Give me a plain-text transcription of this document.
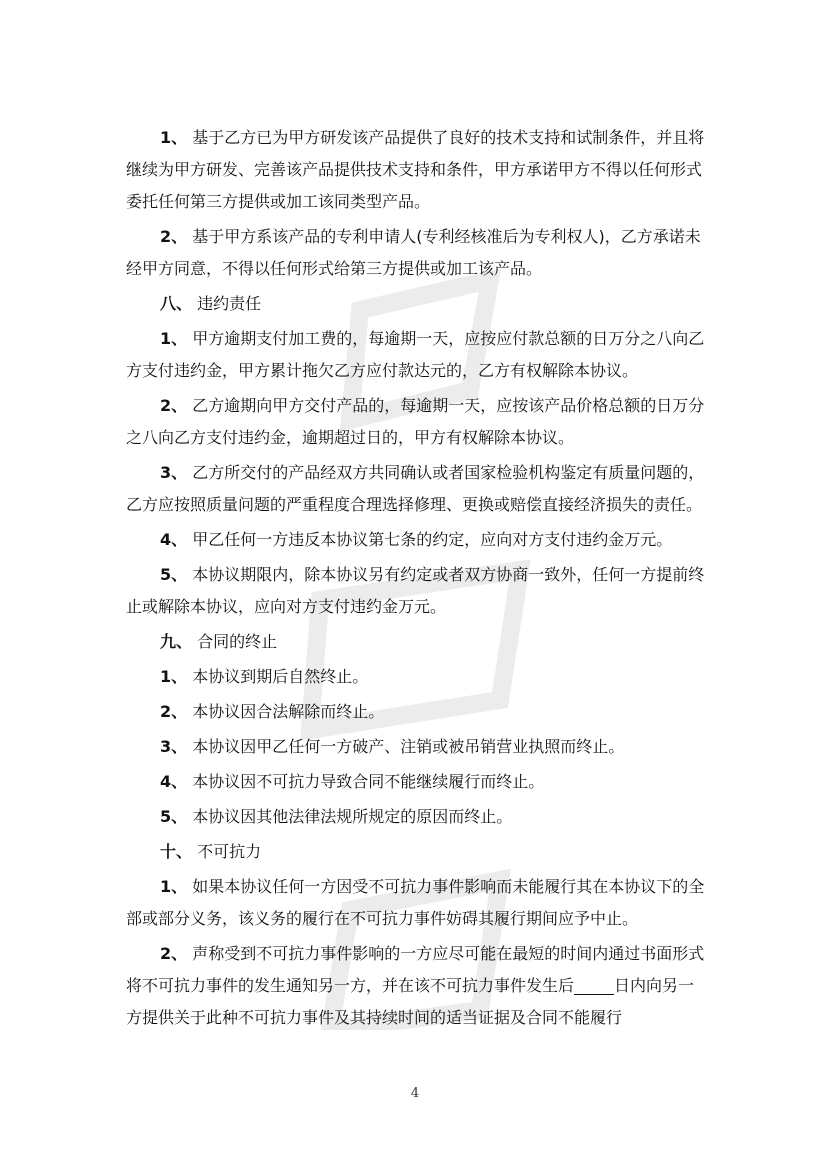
1、 基于乙方已为甲方研发该产品提供了良好的技术支持和试制条件，并且将继续为甲方研发、完善该产品提供技术支持和条件，甲方承诺甲方不得以任何形式委托任何第三方提供或加工该同类型产品。

2、 基于甲方系该产品的专利申请人(专利经核准后为专利权人)，乙方承诺未经甲方同意，不得以任何形式给第三方提供或加工该产品。

八、 违约责任

1、 甲方逾期支付加工费的，每逾期一天，应按应付款总额的日万分之八向乙方支付违约金，甲方累计拖欠乙方应付款达元的，乙方有权解除本协议。

2、 乙方逾期向甲方交付产品的，每逾期一天，应按该产品价格总额的日万分之八向乙方支付违约金，逾期超过日的，甲方有权解除本协议。

3、 乙方所交付的产品经双方共同确认或者国家检验机构鉴定有质量问题的，乙方应按照质量问题的严重程度合理选择修理、更换或赔偿直接经济损失的责任。

4、 甲乙任何一方违反本协议第七条的约定，应向对方支付违约金万元。

5、 本协议期限内，除本协议另有约定或者双方协商一致外，任何一方提前终止或解除本协议，应向对方支付违约金万元。

九、 合同的终止

1、 本协议到期后自然终止。

2、 本协议因合法解除而终止。

3、 本协议因甲乙任何一方破产、注销或被吊销营业执照而终止。

4、 本协议因不可抗力导致合同不能继续履行而终止。

5、 本协议因其他法律法规所规定的原因而终止。

十、 不可抗力

1、 如果本协议任何一方因受不可抗力事件影响而未能履行其在本协议下的全部或部分义务，该义务的履行在不可抗力事件妨碍其履行期间应予中止。

2、 声称受到不可抗力事件影响的一方应尽可能在最短的时间内通过书面形式将不可抗力事件的发生通知另一方，并在该不可抗力事件发生后	日内向另一方提供关于此种不可抗力事件及其持续时间的适当证据及合同不能履行

4
